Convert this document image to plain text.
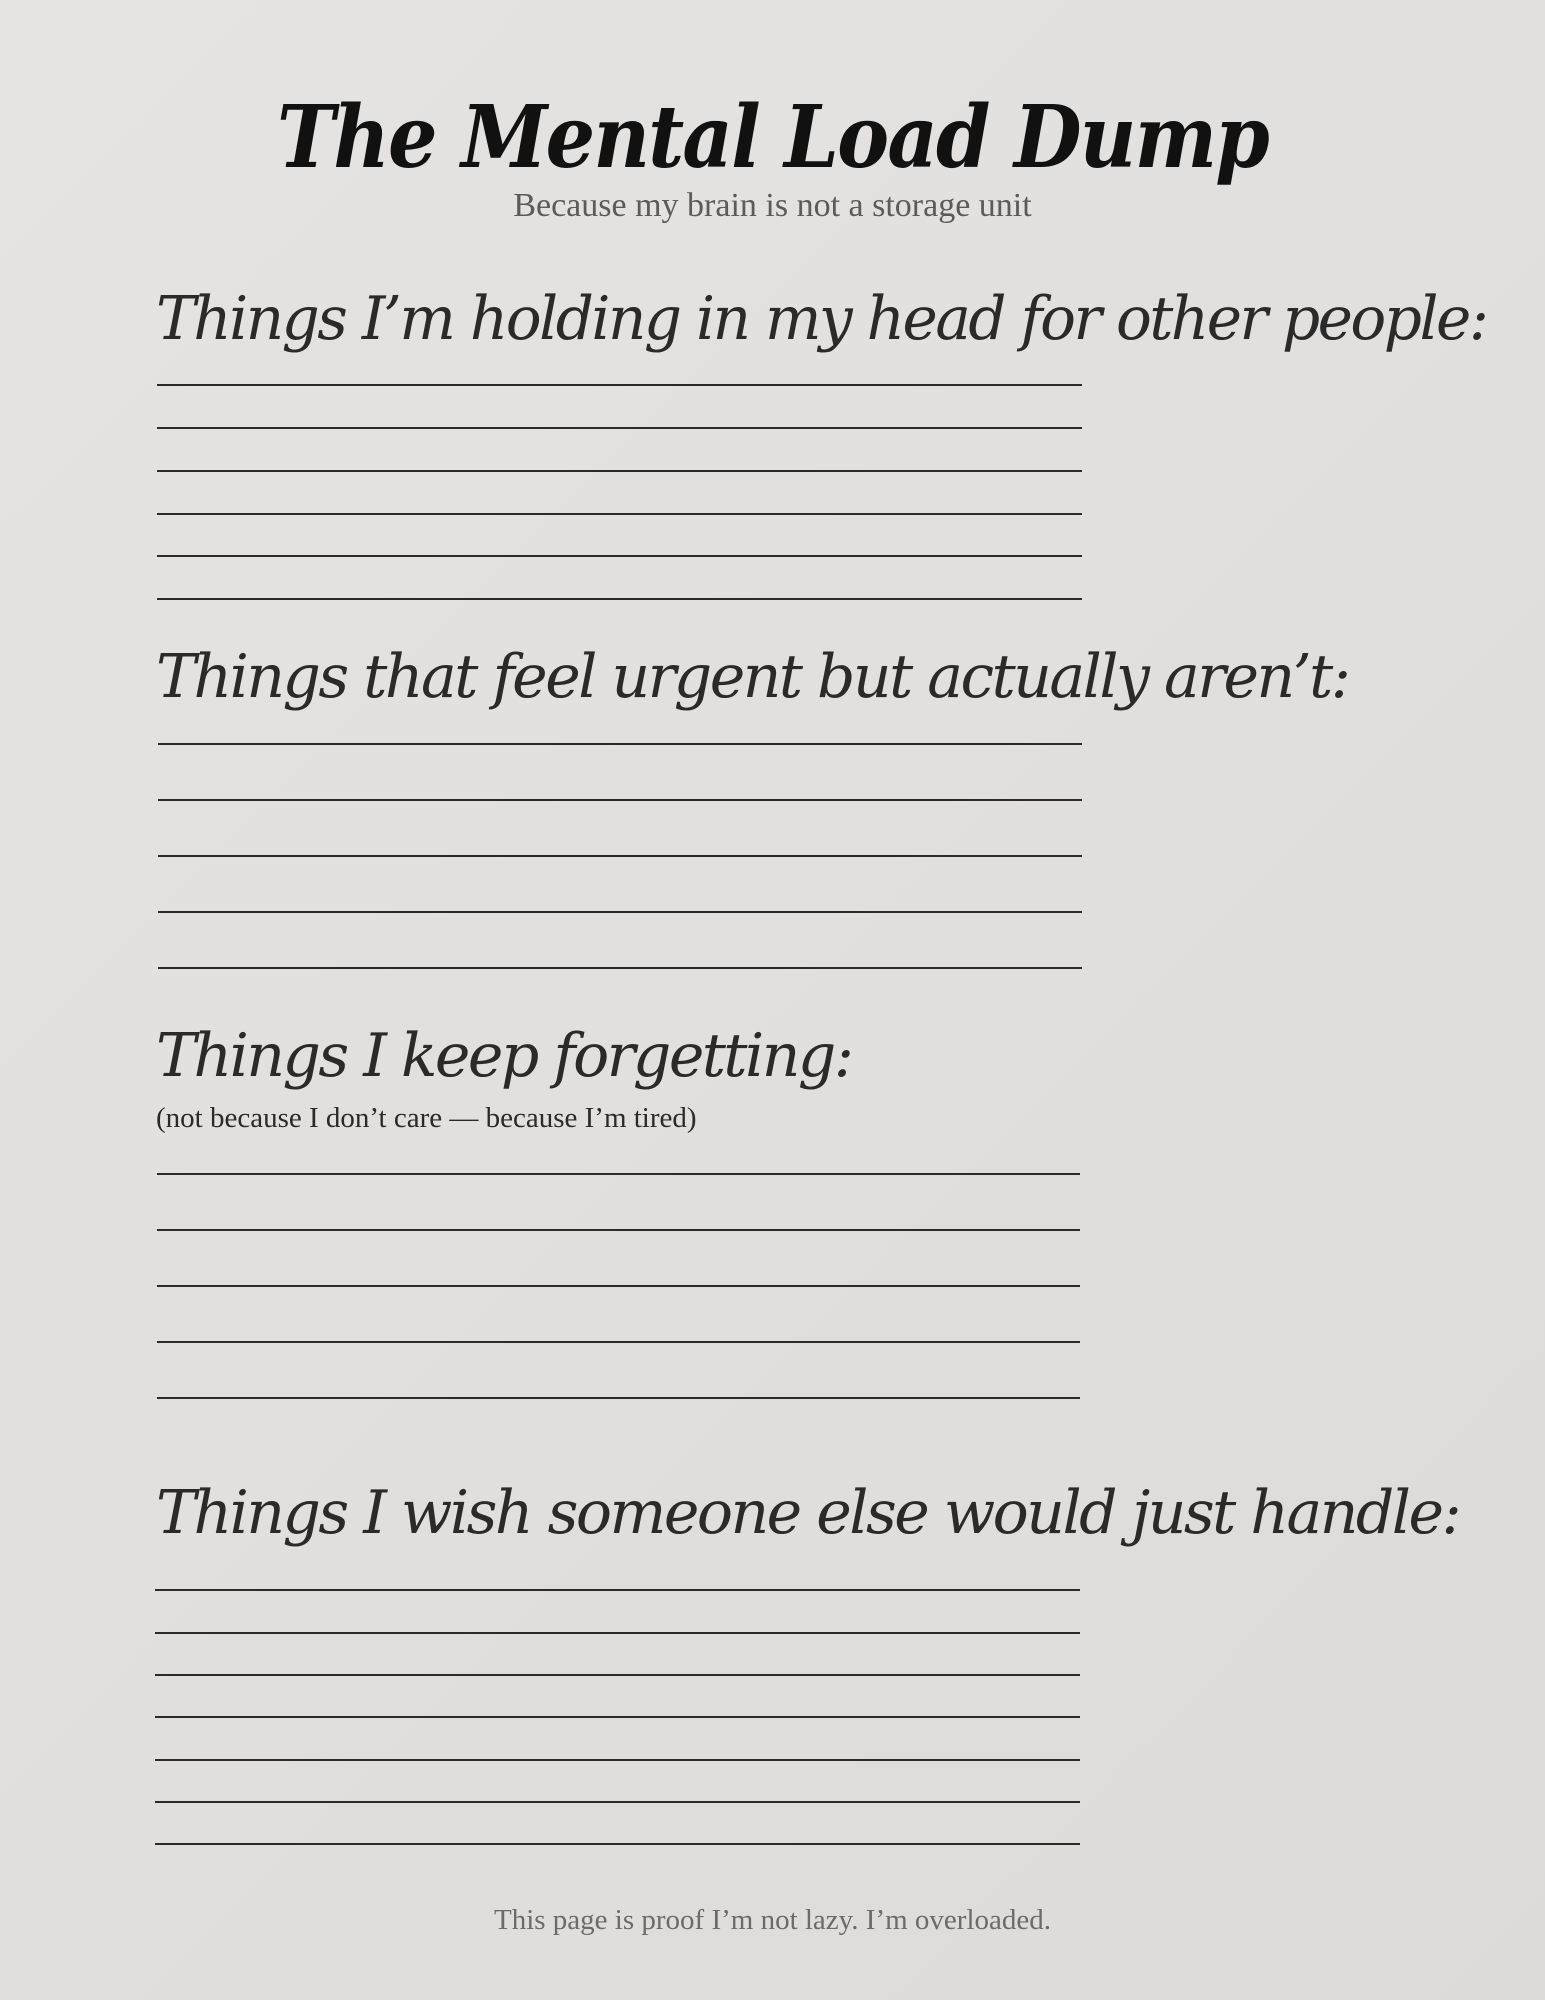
The Mental Load Dump
Because my brain is not a storage unit
Things I’m holding in my head for other people:
Things that feel urgent but actually aren’t:
Things I keep forgetting:
(not because I don’t care — because I’m tired)
Things I wish someone else would just handle:
This page is proof I’m not lazy. I’m overloaded.
